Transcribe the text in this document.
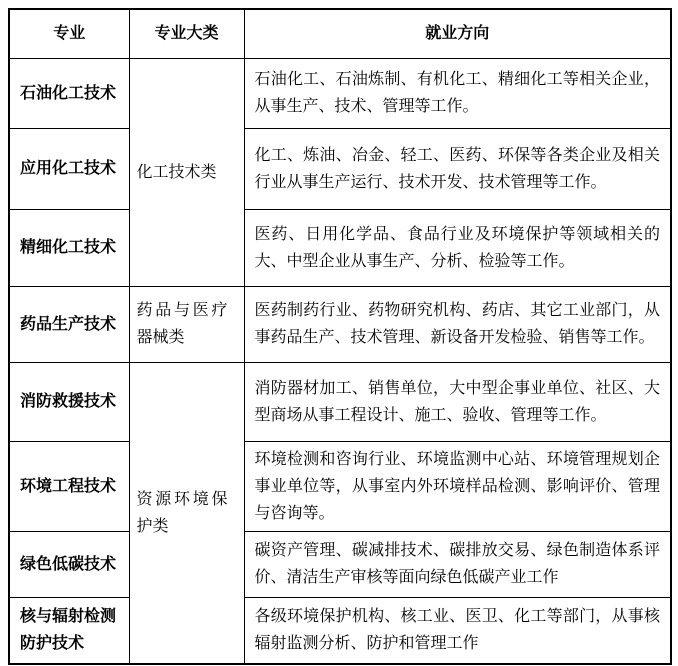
专业	专业大类	就业方向
石油化工技术	化工技术类	石油化工、石油炼制、有机化工、精细化工等相关企业，从事生产、技术、管理等工作。
应用化工技术		化工、炼油、冶金、轻工、医药、环保等各类企业及相关行业从事生产运行、技术开发、技术管理等工作。
精细化工技术		医药、日用化学品、食品行业及环境保护等领域相关的大、中型企业从事生产、分析、检验等工作。
药品生产技术	药品与医疗器械类	医药制药行业、药物研究机构、药店、其它工业部门，从事药品生产、技术管理、新设备开发检验、销售等工作。
消防救援技术	资源环境保护类	消防器材加工、销售单位，大中型企事业单位、社区、大型商场从事工程设计、施工、验收、管理等工作。
环境工程技术		环境检测和咨询行业、环境监测中心站、环境管理规划企事业单位等，从事室内外环境样品检测、影响评价、管理与咨询等。
绿色低碳技术		碳资产管理、碳减排技术、碳排放交易、绿色制造体系评价、清洁生产审核等面向绿色低碳产业工作
核与辐射检测防护技术		各级环境保护机构、核工业、医卫、化工等部门，从事核辐射监测分析、防护和管理工作
